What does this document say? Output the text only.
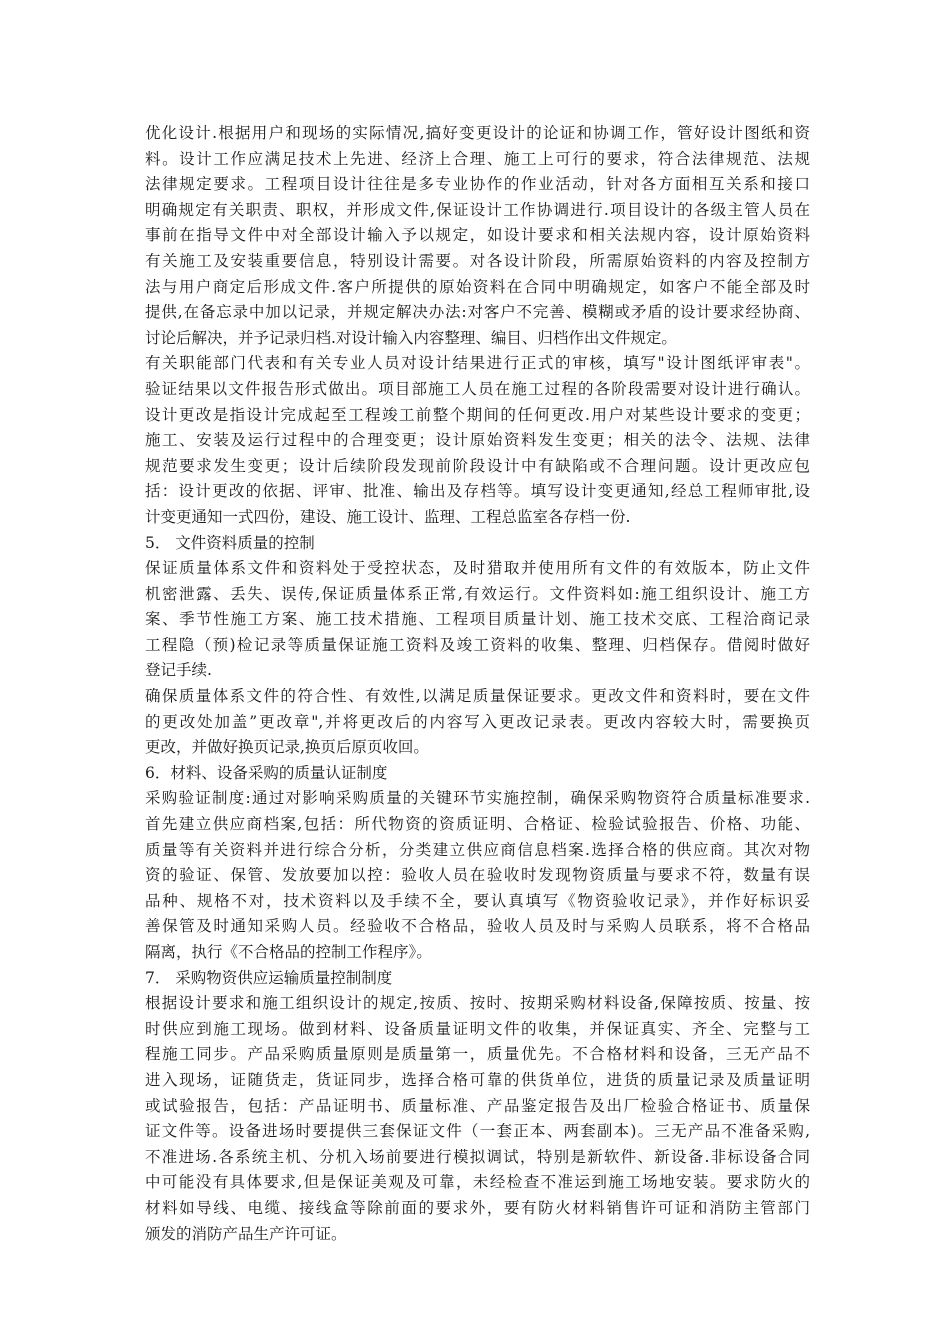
优化设计.根据用户和现场的实际情况,搞好变更设计的论证和协调工作，管好设计图纸和资
料。设计工作应满足技术上先进、经济上合理、施工上可行的要求，符合法律规范、法规
法律规定要求。工程项目设计往往是多专业协作的作业活动，针对各方面相互关系和接口
明确规定有关职责、职权，并形成文件,保证设计工作协调进行.项目设计的各级主管人员在
事前在指导文件中对全部设计输入予以规定，如设计要求和相关法规内容，设计原始资料
有关施工及安装重要信息，特别设计需要。对各设计阶段，所需原始资料的内容及控制方
法与用户商定后形成文件.客户所提供的原始资料在合同中明确规定，如客户不能全部及时
提供,在备忘录中加以记录，并规定解决办法:对客户不完善、模糊或矛盾的设计要求经协商、
讨论后解决，并予记录归档.对设计输入内容整理、编目、归档作出文件规定。
有关职能部门代表和有关专业人员对设计结果进行正式的审核，填写"设计图纸评审表"。
验证结果以文件报告形式做出。项目部施工人员在施工过程的各阶段需要对设计进行确认。
设计更改是指设计完成起至工程竣工前整个期间的任何更改.用户对某些设计要求的变更；
施工、安装及运行过程中的合理变更；设计原始资料发生变更；相关的法令、法规、法律
规范要求发生变更；设计后续阶段发现前阶段设计中有缺陷或不合理问题。设计更改应包
括：设计更改的依据、评审、批准、输出及存档等。填写设计变更通知,经总工程师审批,设
计变更通知一式四份，建设、施工设计、监理、工程总监室各存档一份.
5． 文件资料质量的控制
保证质量体系文件和资料处于受控状态，及时猎取并使用所有文件的有效版本，防止文件
机密泄露、丢失、误传,保证质量体系正常,有效运行。文件资料如:施工组织设计、施工方
案、季节性施工方案、施工技术措施、工程项目质量计划、施工技术交底、工程洽商记录
工程隐（预)检记录等质量保证施工资料及竣工资料的收集、整理、归档保存。借阅时做好
登记手续.
确保质量体系文件的符合性、有效性,以满足质量保证要求。更改文件和资料时，要在文件
的更改处加盖”更改章",并将更改后的内容写入更改记录表。更改内容较大时，需要换页
更改，并做好换页记录,换页后原页收回。
6．材料、设备采购的质量认证制度
采购验证制度:通过对影响采购质量的关键环节实施控制，确保采购物资符合质量标准要求.
首先建立供应商档案,包括：所代物资的资质证明、合格证、检验试验报告、价格、功能、
质量等有关资料并进行综合分析，分类建立供应商信息档案.选择合格的供应商。其次对物
资的验证、保管、发放要加以控：验收人员在验收时发现物资质量与要求不符，数量有误
品种、规格不对，技术资料以及手续不全，要认真填写《物资验收记录》，并作好标识妥
善保管及时通知采购人员。经验收不合格品，验收人员及时与采购人员联系，将不合格品
隔离，执行《不合格品的控制工作程序》。
7． 采购物资供应运输质量控制制度
根据设计要求和施工组织设计的规定,按质、按时、按期采购材料设备,保障按质、按量、按
时供应到施工现场。做到材料、设备质量证明文件的收集，并保证真实、齐全、完整与工
程施工同步。产品采购质量原则是质量第一，质量优先。不合格材料和设备，三无产品不
进入现场，证随货走，货证同步，选择合格可靠的供货单位，进货的质量记录及质量证明
或试验报告，包括：产品证明书、质量标准、产品鉴定报告及出厂检验合格证书、质量保
证文件等。设备进场时要提供三套保证文件（一套正本、两套副本)。三无产品不准备采购,
不准进场.各系统主机、分机入场前要进行模拟调试，特别是新软件、新设备.非标设备合同
中可能没有具体要求,但是保证美观及可靠，未经检查不准运到施工场地安装。要求防火的
材料如导线、电缆、接线盒等除前面的要求外，要有防火材料销售许可证和消防主管部门
颁发的消防产品生产许可证。
